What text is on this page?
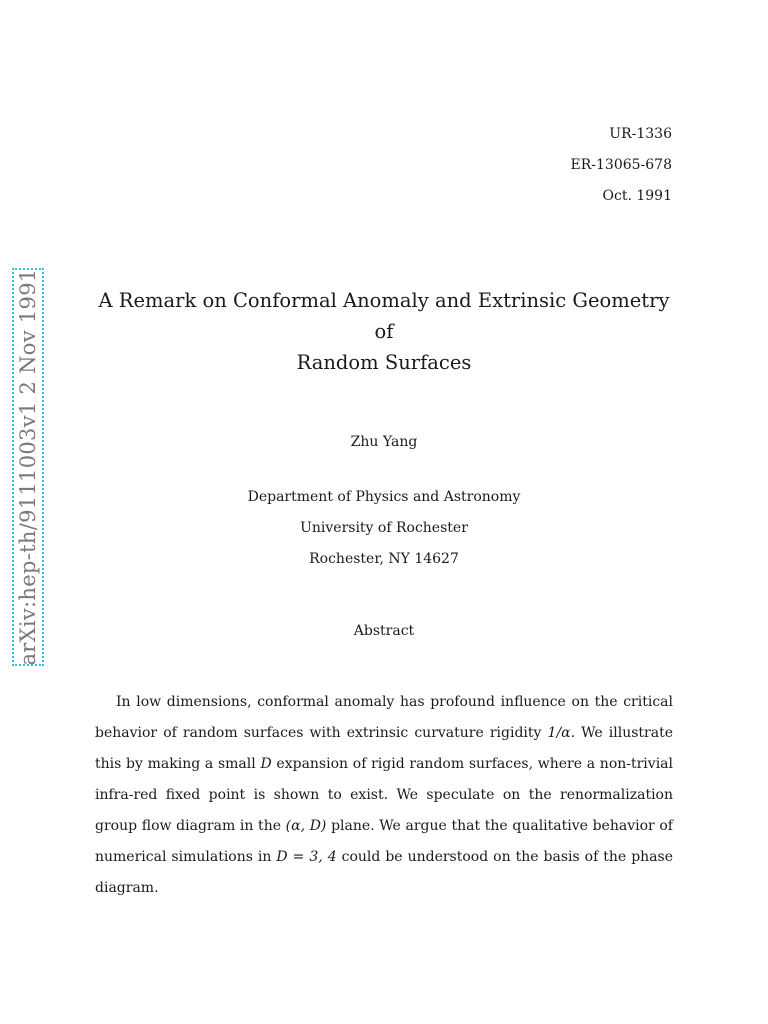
UR-1336
ER-13065-678
Oct. 1991
arXiv:hep-th/9111003v1 2 Nov 1991	A Remark on Conformal Anomaly and Extrinsic Geometry of
Random Surfaces
Zhu Yang
Department of Physics and Astronomy
University of Rochester
Rochester, NY 14627
Abstract

In low dimensions, conformal anomaly has profound influence on the critical behavior of random surfaces with extrinsic curvature rigidity 1/α. We illustrate this by making a small D expansion of rigid random surfaces, where a non-trivial infra-red fixed point is shown to exist. We speculate on the renormalization group flow diagram in the (α, D) plane. We argue that the qualitative behavior of numerical simulations in D = 3, 4 could be understood on the basis of the phase diagram.
